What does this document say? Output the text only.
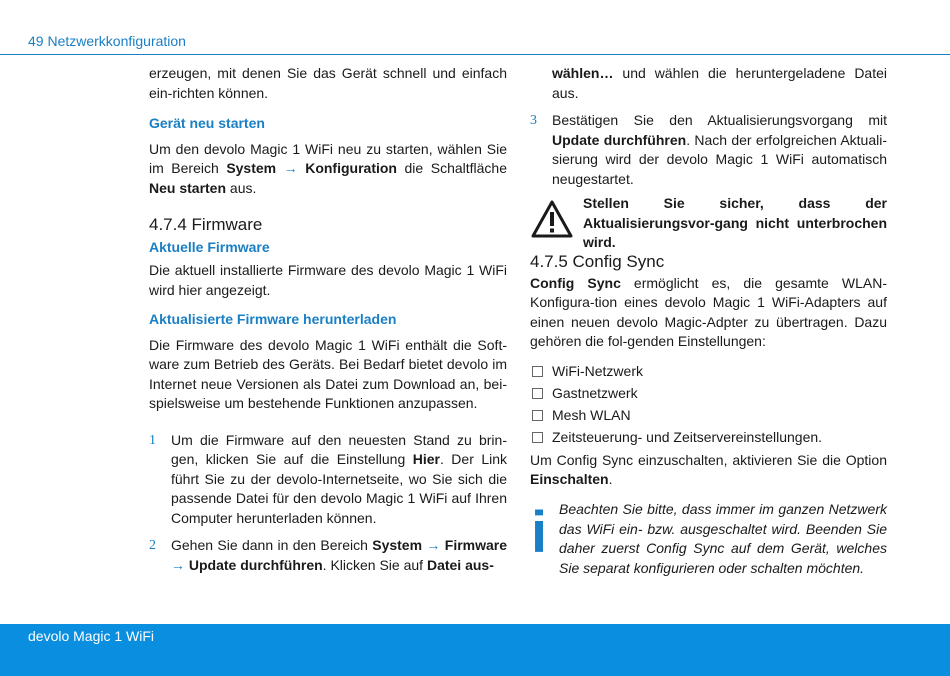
49 Netzwerkkonfiguration

erzeugen, mit denen Sie das Gerät schnell und einfach ein-richten können.

Gerät neu starten

Um den devolo Magic 1 WiFi neu zu starten, wählen Sie im Bereich System → Konfiguration die Schaltfläche Neu starten aus.

4.7.4 Firmware

Aktuelle Firmware

Die aktuell installierte Firmware des devolo Magic 1 WiFi wird hier angezeigt.

Aktualisierte Firmware herunterladen

Die Firmware des devolo Magic 1 WiFi enthält die Soft-ware zum Betrieb des Geräts. Bei Bedarf bietet devolo im Internet neue Versionen als Datei zum Download an, bei-spielsweise um bestehende Funktionen anzupassen.

1 Um die Firmware auf den neuesten Stand zu brin-gen, klicken Sie auf die Einstellung Hier. Der Link führt Sie zu der devolo-Internetseite, wo Sie sich die passende Datei für den devolo Magic 1 WiFi auf Ihren Computer herunterladen können.
2 Gehen Sie dann in den Bereich System → Firmware → Update durchführen. Klicken Sie auf Datei aus-
wählen… und wählen die heruntergeladene Datei aus.
3 Bestätigen Sie den Aktualisierungsvorgang mit Update durchführen. Nach der erfolgreichen Aktuali-sierung wird der devolo Magic 1 WiFi automatisch neugestartet.

Stellen Sie sicher, dass der Aktualisierungsvor-gang nicht unterbrochen wird.

4.7.5 Config Sync

Config Sync ermöglicht es, die gesamte WLAN-Konfigura-tion eines devolo Magic 1 WiFi-Adapters auf einen neuen devolo Magic-Adpter zu übertragen. Dazu gehören die fol-genden Einstellungen:

WiFi-Netzwerk
Gastnetzwerk
Mesh WLAN
Zeitsteuerung- und Zeitservereinstellungen.

Um Config Sync einzuschalten, aktivieren Sie die Option Einschalten.

i Beachten Sie bitte, dass immer im ganzen Netzwerk das WiFi ein- bzw. ausgeschaltet wird. Beenden Sie daher zuerst Config Sync auf dem Gerät, welches Sie separat konfigurieren oder schalten möchten.

devolo Magic 1 WiFi
